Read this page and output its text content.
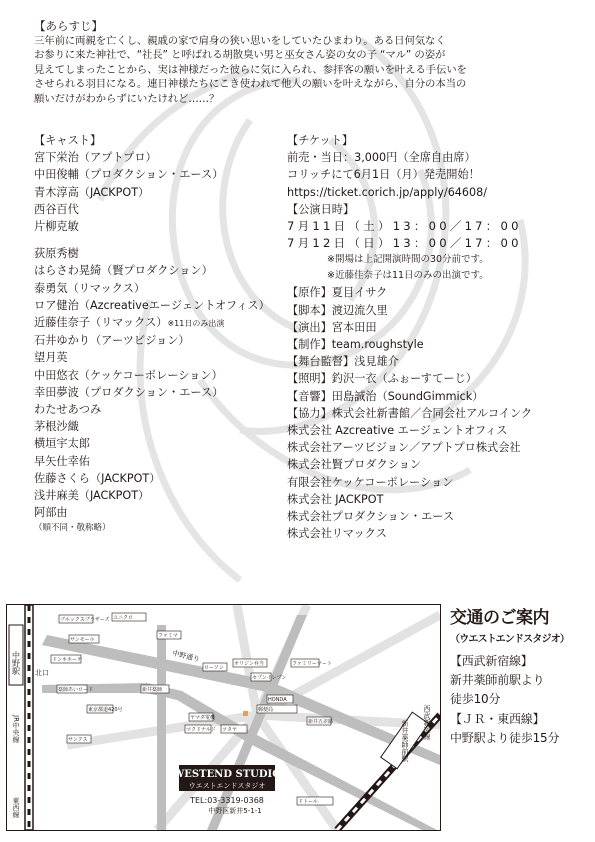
【あらすじ】
三年前に両親を亡くし、親戚の家で肩身の狭い思いをしていたひまわり。ある日何気なく
お参りに来た神社で、“社長” と呼ばれる胡散臭い男と巫女さん姿の女の子 “マル” の姿が
見えてしまったことから、実は神様だった彼らに気に入られ、参拝客の願いを叶える手伝いを
させられる羽目になる。連日神様たちにこき使われて他人の願いを叶えながら、自分の本当の
願いだけがわからずにいたけれど……？
【キャスト】
宮下栄治（アプトプロ）
中田俊輔（プロダクション・エース）
青木淳高（JACKPOT）
西谷百代
片柳克敏
荻原秀樹
はらさわ晃綺（賢プロダクション）
泰勇気（リマックス）
ロア健治（Azcreativeエージェントオフィス）
近藤佳奈子（リマックス）※11日のみ出演
石井ゆかり（アーツビジョン）
望月英
中田悠衣（ケッケコーポレーション）
幸田夢波（プロダクション・エース）
わたせあつみ
茅根沙織
横垣宇太郎
早矢仕幸佑
佐藤さくら（JACKPOT）
浅井麻美（JACKPOT）
阿部由
（順不同・敬称略）
【チケット】
前売・当日：3,000円（全席自由席）
コリッチにて6月1日（月）発売開始！
https://ticket.corich.jp/apply/64608/
【公演日時】
7月11日（土）13：00／17：00
7月12日（日）13：00／17：00
※開場は上記開演時間の30分前です。
※近藤佳奈子は11日のみの出演です。
【原作】夏目イサク
【脚本】渡辺流久里
【演出】宮本田田
【制作】team.roughstyle
【舞台監督】浅見雄介
【照明】釣沢一衣（ふぉーすてーじ）
【音響】田島誠治（SoundGimmick）
【協力】株式会社新書館／合同会社アルコインク
株式会社 Azcreative エージェントオフィス
株式会社アーツビジョン／アプトプロ株式会社
株式会社賢プロダクション
有限会社ケッケコーポレーション
株式会社 JACKPOT
株式会社プロダクション・エース
株式会社リマックス
中野駅
JR中央線
東西線
北口
新井薬師前駅 西武新宿線
中野通り
ブルックスブラザーズ ユニクロ
サンモール
ドンキホーテ
ファミマ
ローソン
オリジン弁当
セブンイレブン
ファミリーマート
薬師あいロード
東京都道420号
新井薬師
ヤマダ電機
マクドナルド ツタヤ
HONDA
新井五差路
郵便局
ドトール
サンクス
WESTEND STUDIO
ウエストエンドスタジオ
TEL:03-3319-0368
中野区新井5-1-1
交通のご案内
（ウエストエンドスタジオ）
【西武新宿線】
新井薬師前駅より
徒歩10分
【ＪＲ・東西線】
中野駅より徒歩15分
